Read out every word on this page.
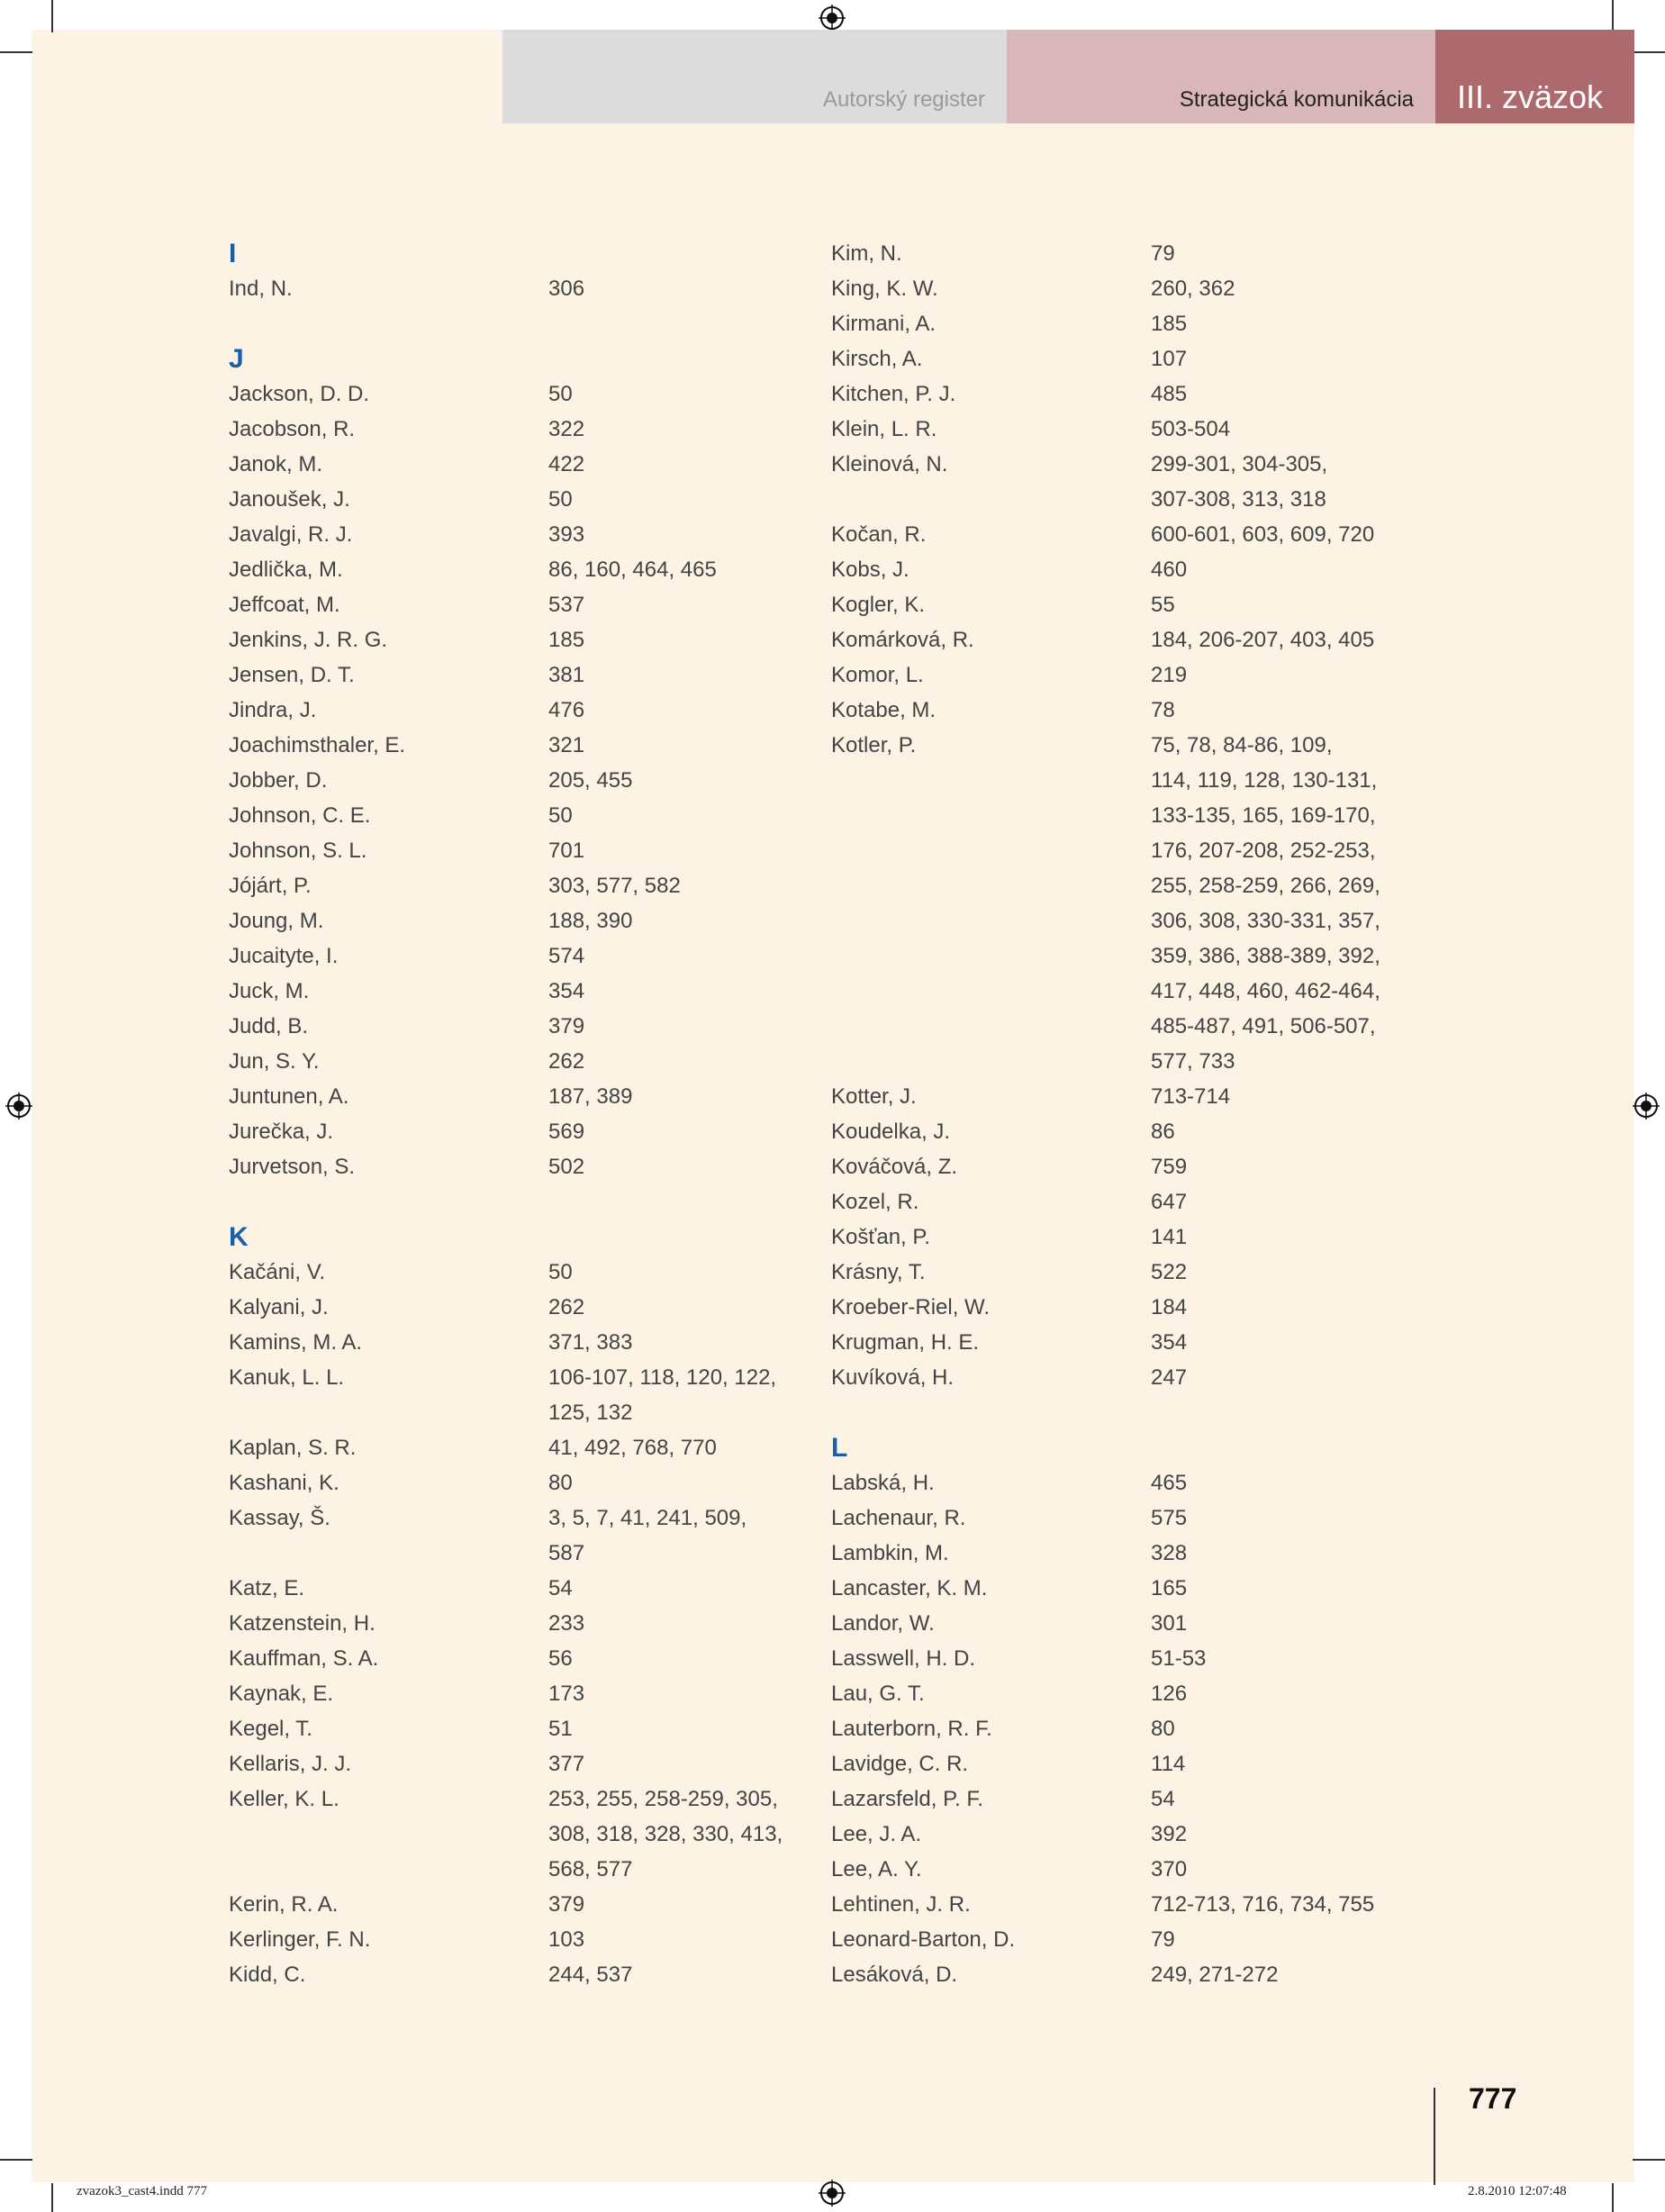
Autorský register	Strategická komunikácia III. zväzok
I
Ind, N.	306
J
Jackson, D. D.	50
Jacobson, R.	322
Janok, M.	422
Janoušek, J.	50
Javalgi, R. J.	393
Jedlička, M.	86, 160, 464, 465
Jeffcoat, M.	537
Jenkins, J. R. G.	185
Jensen, D. T.	381
Jindra, J.	476
Joachimsthaler, E.	321
Jobber, D.	205, 455
Johnson, C. E.	50
Johnson, S. L.	701
Jójárt, P.	303, 577, 582
Joung, M.	188, 390
Jucaityte, I.	574
Juck, M.	354
Judd, B.	379
Jun, S. Y.	262
Juntunen, A.	187, 389
Jurečka, J.	569
Jurvetson, S.	502
K
Kačáni, V.	50
Kalyani, J.	262
Kamins, M. A.	371, 383
Kanuk, L. L.	106-107, 118, 120, 122,
125, 132
Kaplan, S. R.	41, 492, 768, 770
Kashani, K.	80
Kassay, Š.	3, 5, 7, 41, 241, 509,
587
Katz, E.	54
Katzenstein, H.	233
Kauffman, S. A.	56
Kaynak, E.	173
Kegel, T.	51
Kellaris, J. J.	377
Keller, K. L.	253, 255, 258-259, 305,
308, 318, 328, 330, 413,
568, 577
Kerin, R. A.	379
Kerlinger, F. N.	103
Kidd, C.	244, 537
Kim, N.	79
King, K. W.	260, 362
Kirmani, A.	185
Kirsch, A.	107
Kitchen, P. J.	485
Klein, L. R.	503-504
Kleinová, N.	299-301, 304-305,
307-308, 313, 318
Kočan, R.	600-601, 603, 609, 720
Kobs, J.	460
Kogler, K.	55
Komárková, R.	184, 206-207, 403, 405
Komor, L.	219
Kotabe, M.	78
Kotler, P.	75, 78, 84-86, 109,
114, 119, 128, 130-131,
133-135, 165, 169-170,
176, 207-208, 252-253,
255, 258-259, 266, 269,
306, 308, 330-331, 357,
359, 386, 388-389, 392,
417, 448, 460, 462-464,
485-487, 491, 506-507,
577, 733
Kotter, J.	713-714
Koudelka, J.	86
Kováčová, Z.	759
Kozel, R.	647
Košťan, P.	141
Krásny, T.	522
Kroeber-Riel, W.	184
Krugman, H. E.	354
Kuvíková, H.	247
L
Labská, H.	465
Lachenaur, R.	575
Lambkin, M.	328
Lancaster, K. M.	165
Landor, W.	301
Lasswell, H. D.	51-53
Lau, G. T.	126
Lauterborn, R. F.	80
Lavidge, C. R.	114
Lazarsfeld, P. F.	54
Lee, J. A.	392
Lee, A. Y.	370
Lehtinen, J. R.	712-713, 716, 734, 755
Leonard-Barton, D.	79
Lesáková, D.	249, 271-272
777
zvazok3_cast4.indd 777	2.8.2010 12:07:48
